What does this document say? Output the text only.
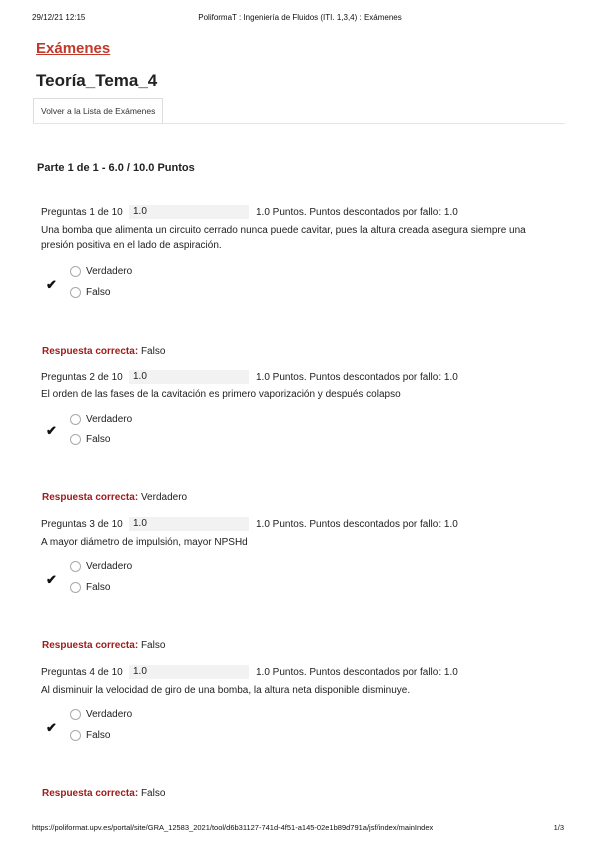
29/12/21 12:15	PoliformaT : Ingeniería de Fluidos (ITI. 1,3,4) : Exámenes
Exámenes
Teoría_Tema_4
Volver a la Lista de Exámenes
Parte 1 de 1 - 6.0 / 10.0 Puntos
Preguntas 1 de 10	1.0	1.0 Puntos. Puntos descontados por fallo: 1.0
Una bomba que alimenta un circuito cerrado nunca puede cavitar, pues la altura creada asegura siempre una presión positiva en el lado de aspiración.
Verdadero
✔
Falso
Respuesta correcta: Falso
Preguntas 2 de 10	1.0	1.0 Puntos. Puntos descontados por fallo: 1.0
El orden de las fases de la cavitación es primero vaporización y después colapso
Verdadero
✔
Falso
Respuesta correcta: Verdadero
Preguntas 3 de 10	1.0	1.0 Puntos. Puntos descontados por fallo: 1.0
A mayor diámetro de impulsión, mayor NPSHd
Verdadero
✔
Falso
Respuesta correcta: Falso
Preguntas 4 de 10	1.0	1.0 Puntos. Puntos descontados por fallo: 1.0
Al disminuir la velocidad de giro de una bomba, la altura neta disponible disminuye.
Verdadero
✔
Falso
Respuesta correcta: Falso
https://poliformat.upv.es/portal/site/GRA_12583_2021/tool/d6b31127-741d-4f51-a145-02e1b89d791a/jsf/index/mainIndex	1/3
